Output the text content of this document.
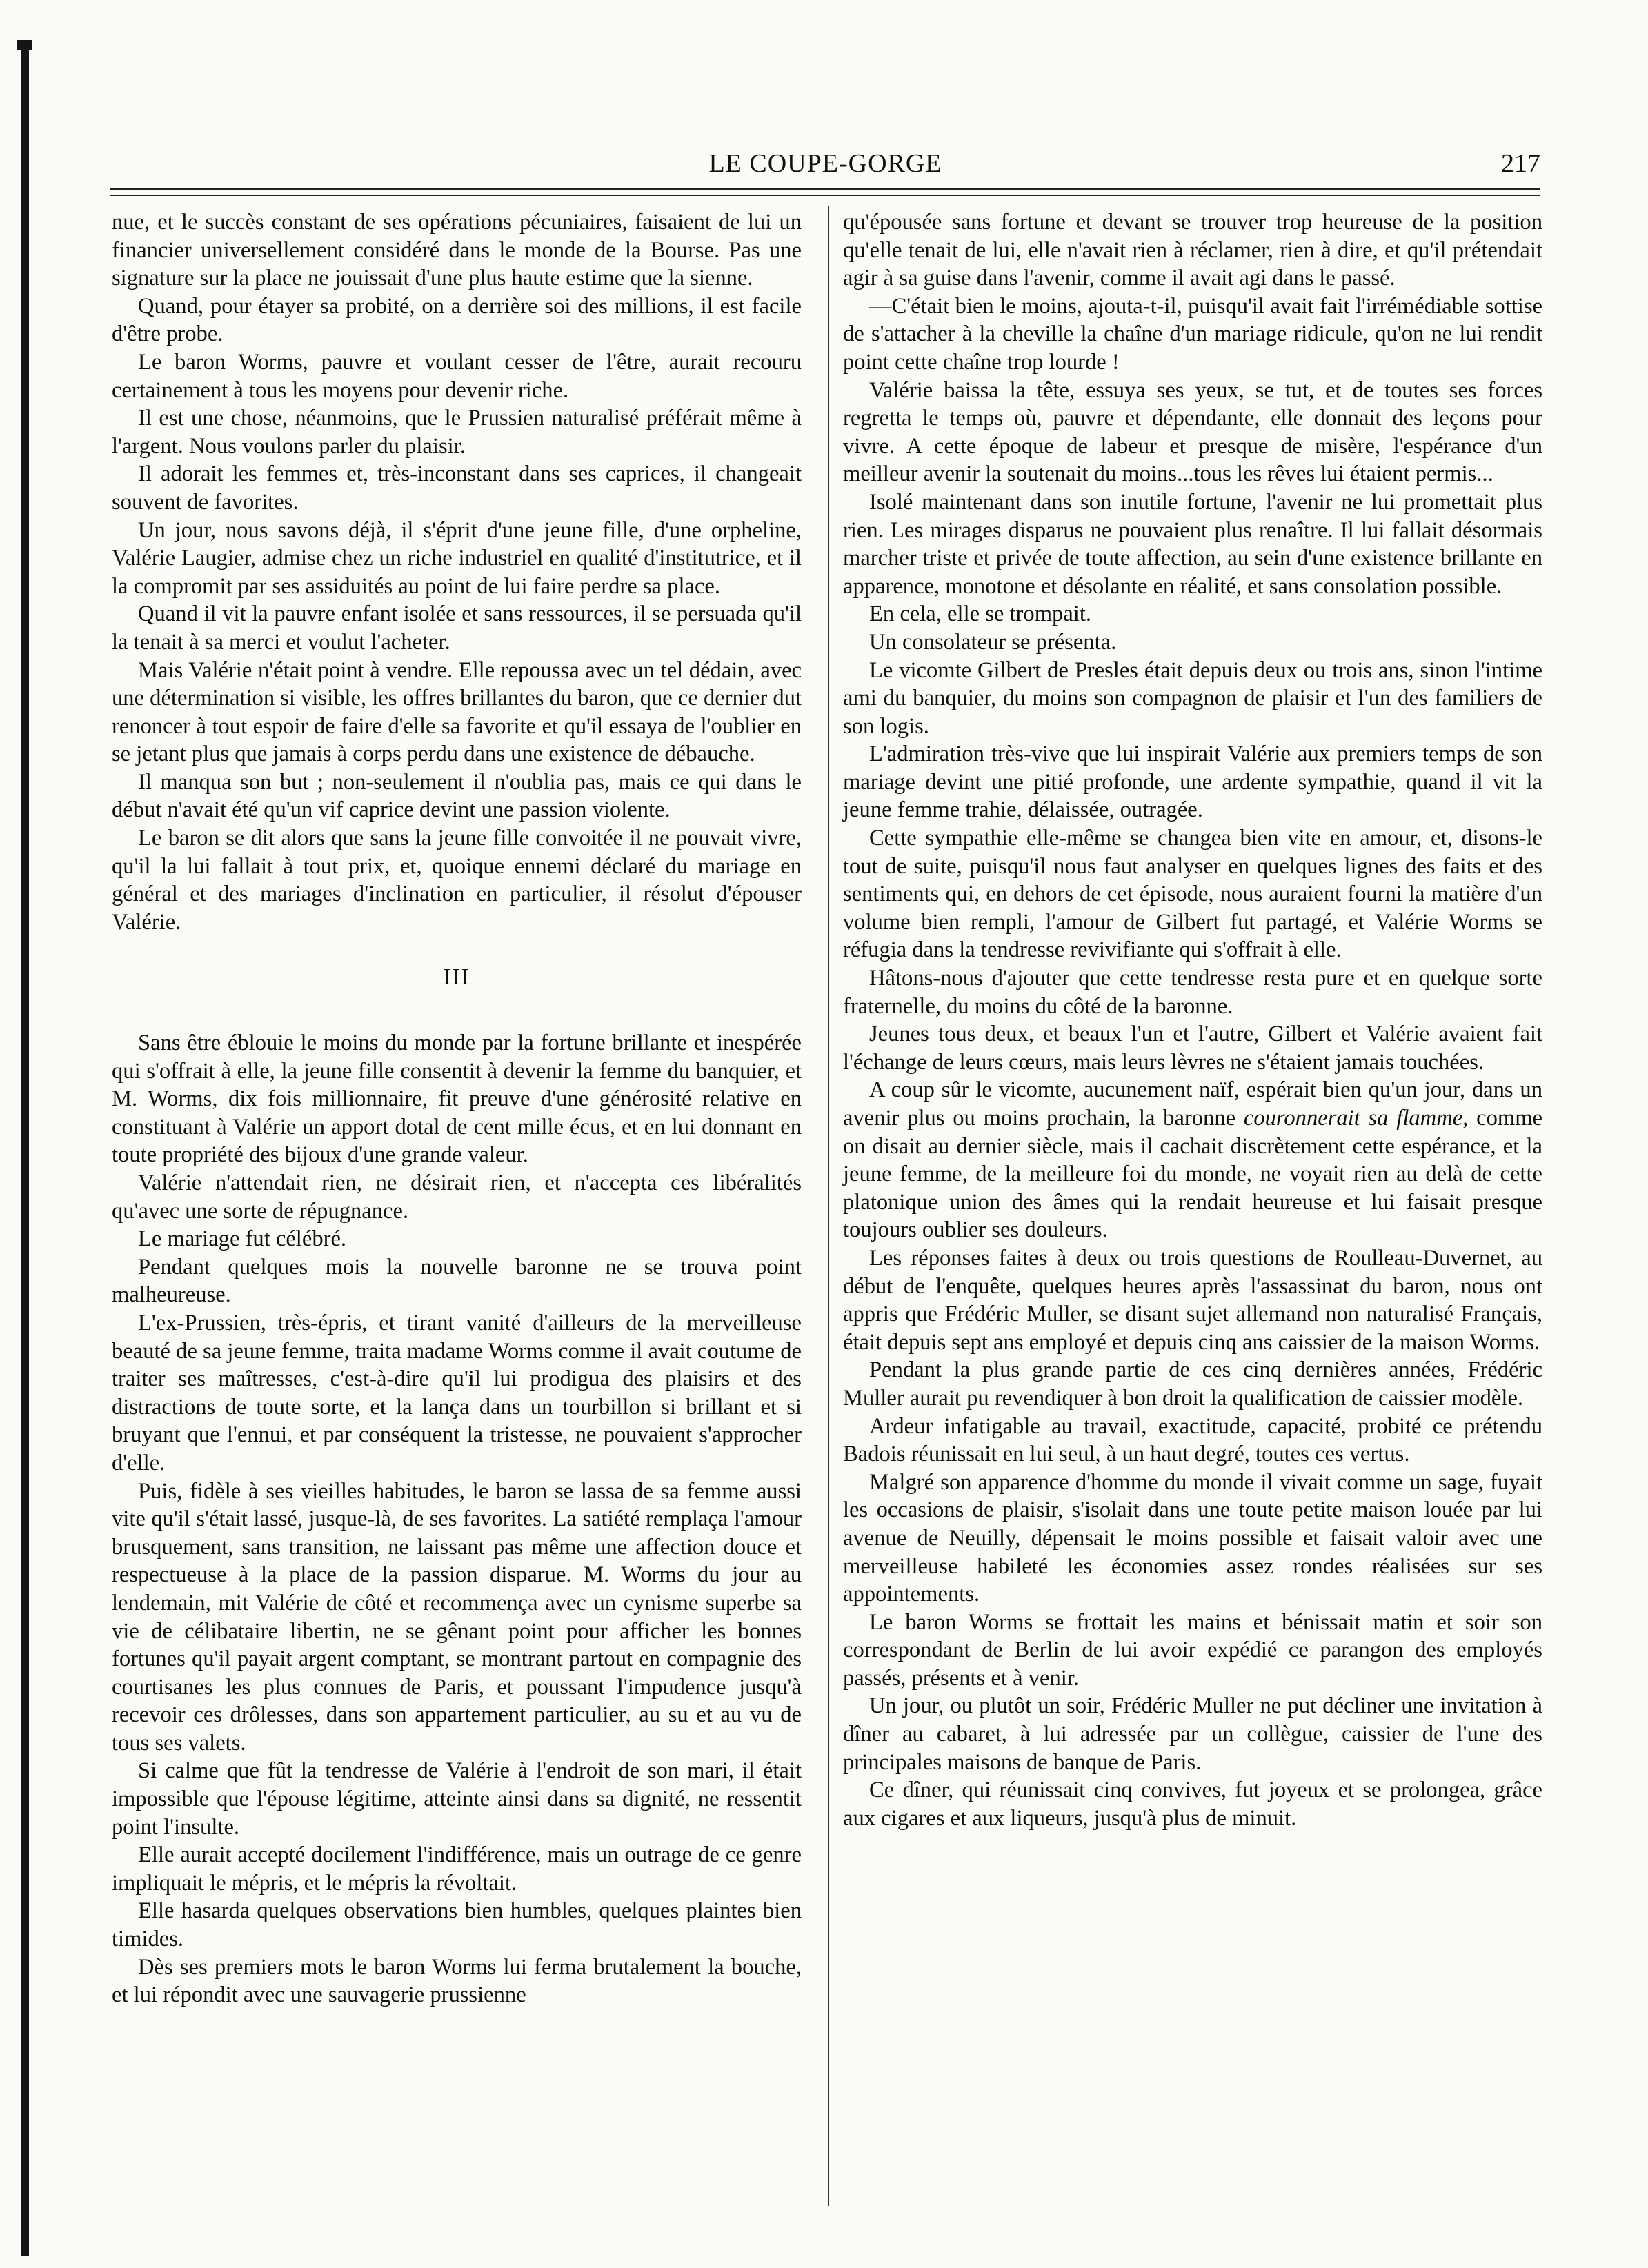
LE COUPE-GORGE	217

nue, et le succès constant de ses opérations pécuniaires, faisaient de lui un financier universellement considéré dans le monde de la Bourse. Pas une signature sur la place ne jouissait d'une plus haute estime que la sienne.

Quand, pour étayer sa probité, on a derrière soi des millions, il est facile d'être probe.

Le baron Worms, pauvre et voulant cesser de l'être, aurait recouru certainement à tous les moyens pour devenir riche.

Il est une chose, néanmoins, que le Prussien naturalisé préférait même à l'argent. Nous voulons parler du plaisir.

Il adorait les femmes et, très-inconstant dans ses caprices, il changeait souvent de favorites.

Un jour, nous savons déjà, il s'éprit d'une jeune fille, d'une orpheline, Valérie Laugier, admise chez un riche industriel en qualité d'institutrice, et il la compromit par ses assiduités au point de lui faire perdre sa place.

Quand il vit la pauvre enfant isolée et sans ressources, il se persuada qu'il la tenait à sa merci et voulut l'acheter.

Mais Valérie n'était point à vendre. Elle repoussa avec un tel dédain, avec une détermination si visible, les offres brillantes du baron, que ce dernier dut renoncer à tout espoir de faire d'elle sa favorite et qu'il essaya de l'oublier en se jetant plus que jamais à corps perdu dans une existence de débauche.

Il manqua son but ; non-seulement il n'oublia pas, mais ce qui dans le début n'avait été qu'un vif caprice devint une passion violente.

Le baron se dit alors que sans la jeune fille convoitée il ne pouvait vivre, qu'il la lui fallait à tout prix, et, quoique ennemi déclaré du mariage en général et des mariages d'inclination en particulier, il résolut d'épouser Valérie.

III

Sans être éblouie le moins du monde par la fortune brillante et inespérée qui s'offrait à elle, la jeune fille consentit à devenir la femme du banquier, et M. Worms, dix fois millionnaire, fit preuve d'une générosité relative en constituant à Valérie un apport dotal de cent mille écus, et en lui donnant en toute propriété des bijoux d'une grande valeur.

Valérie n'attendait rien, ne désirait rien, et n'accepta ces libéralités qu'avec une sorte de répugnance.

Le mariage fut célébré.

Pendant quelques mois la nouvelle baronne ne se trouva point malheureuse.

L'ex-Prussien, très-épris, et tirant vanité d'ailleurs de la merveilleuse beauté de sa jeune femme, traita madame Worms comme il avait coutume de traiter ses maîtresses, c'est-à-dire qu'il lui prodigua des plaisirs et des distractions de toute sorte, et la lança dans un tourbillon si brillant et si bruyant que l'ennui, et par conséquent la tristesse, ne pouvaient s'approcher d'elle.

Puis, fidèle à ses vieilles habitudes, le baron se lassa de sa femme aussi vite qu'il s'était lassé, jusque-là, de ses favorites. La satiété remplaça l'amour brusquement, sans transition, ne laissant pas même une affection douce et respectueuse à la place de la passion disparue. M. Worms du jour au lendemain, mit Valérie de côté et recommença avec un cynisme superbe sa vie de célibataire libertin, ne se gênant point pour afficher les bonnes fortunes qu'il payait argent comptant, se montrant partout en compagnie des courtisanes les plus connues de Paris, et poussant l'impudence jusqu'à recevoir ces drôlesses, dans son appartement particulier, au su et au vu de tous ses valets.

Si calme que fût la tendresse de Valérie à l'endroit de son mari, il était impossible que l'épouse légitime, atteinte ainsi dans sa dignité, ne ressentit point l'insulte.

Elle aurait accepté docilement l'indifférence, mais un outrage de ce genre impliquait le mépris, et le mépris la révoltait.

Elle hasarda quelques observations bien humbles, quelques plaintes bien timides.

Dès ses premiers mots le baron Worms lui ferma brutalement la bouche, et lui répondit avec une sauvagerie prussienne

qu'épousée sans fortune et devant se trouver trop heureuse de la position qu'elle tenait de lui, elle n'avait rien à réclamer, rien à dire, et qu'il prétendait agir à sa guise dans l'avenir, comme il avait agi dans le passé.

—C'était bien le moins, ajouta-t-il, puisqu'il avait fait l'irrémédiable sottise de s'attacher à la cheville la chaîne d'un mariage ridicule, qu'on ne lui rendit point cette chaîne trop lourde !

Valérie baissa la tête, essuya ses yeux, se tut, et de toutes ses forces regretta le temps où, pauvre et dépendante, elle donnait des leçons pour vivre. A cette époque de labeur et presque de misère, l'espérance d'un meilleur avenir la soutenait du moins...tous les rêves lui étaient permis...

Isolé maintenant dans son inutile fortune, l'avenir ne lui promettait plus rien. Les mirages disparus ne pouvaient plus renaître. Il lui fallait désormais marcher triste et privée de toute affection, au sein d'une existence brillante en apparence, monotone et désolante en réalité, et sans consolation possible.

En cela, elle se trompait.

Un consolateur se présenta.

Le vicomte Gilbert de Presles était depuis deux ou trois ans, sinon l'intime ami du banquier, du moins son compagnon de plaisir et l'un des familiers de son logis.

L'admiration très-vive que lui inspirait Valérie aux premiers temps de son mariage devint une pitié profonde, une ardente sympathie, quand il vit la jeune femme trahie, délaissée, outragée.

Cette sympathie elle-même se changea bien vite en amour, et, disons-le tout de suite, puisqu'il nous faut analyser en quelques lignes des faits et des sentiments qui, en dehors de cet épisode, nous auraient fourni la matière d'un volume bien rempli, l'amour de Gilbert fut partagé, et Valérie Worms se réfugia dans la tendresse revivifiante qui s'offrait à elle.

Hâtons-nous d'ajouter que cette tendresse resta pure et en quelque sorte fraternelle, du moins du côté de la baronne.

Jeunes tous deux, et beaux l'un et l'autre, Gilbert et Valérie avaient fait l'échange de leurs cœurs, mais leurs lèvres ne s'étaient jamais touchées.

A coup sûr le vicomte, aucunement naïf, espérait bien qu'un jour, dans un avenir plus ou moins prochain, la baronne couronnerait sa flamme, comme on disait au dernier siècle, mais il cachait discrètement cette espérance, et la jeune femme, de la meilleure foi du monde, ne voyait rien au delà de cette platonique union des âmes qui la rendait heureuse et lui faisait presque toujours oublier ses douleurs.

Les réponses faites à deux ou trois questions de Roulleau-Duvernet, au début de l'enquête, quelques heures après l'assassinat du baron, nous ont appris que Frédéric Muller, se disant sujet allemand non naturalisé Français, était depuis sept ans employé et depuis cinq ans caissier de la maison Worms.

Pendant la plus grande partie de ces cinq dernières années, Frédéric Muller aurait pu revendiquer à bon droit la qualification de caissier modèle.

Ardeur infatigable au travail, exactitude, capacité, probité ce prétendu Badois réunissait en lui seul, à un haut degré, toutes ces vertus.

Malgré son apparence d'homme du monde il vivait comme un sage, fuyait les occasions de plaisir, s'isolait dans une toute petite maison louée par lui avenue de Neuilly, dépensait le moins possible et faisait valoir avec une merveilleuse habileté les économies assez rondes réalisées sur ses appointements.

Le baron Worms se frottait les mains et bénissait matin et soir son correspondant de Berlin de lui avoir expédié ce parangon des employés passés, présents et à venir.

Un jour, ou plutôt un soir, Frédéric Muller ne put décliner une invitation à dîner au cabaret, à lui adressée par un collègue, caissier de l'une des principales maisons de banque de Paris.

Ce dîner, qui réunissait cinq convives, fut joyeux et se prolongea, grâce aux cigares et aux liqueurs, jusqu'à plus de minuit.
